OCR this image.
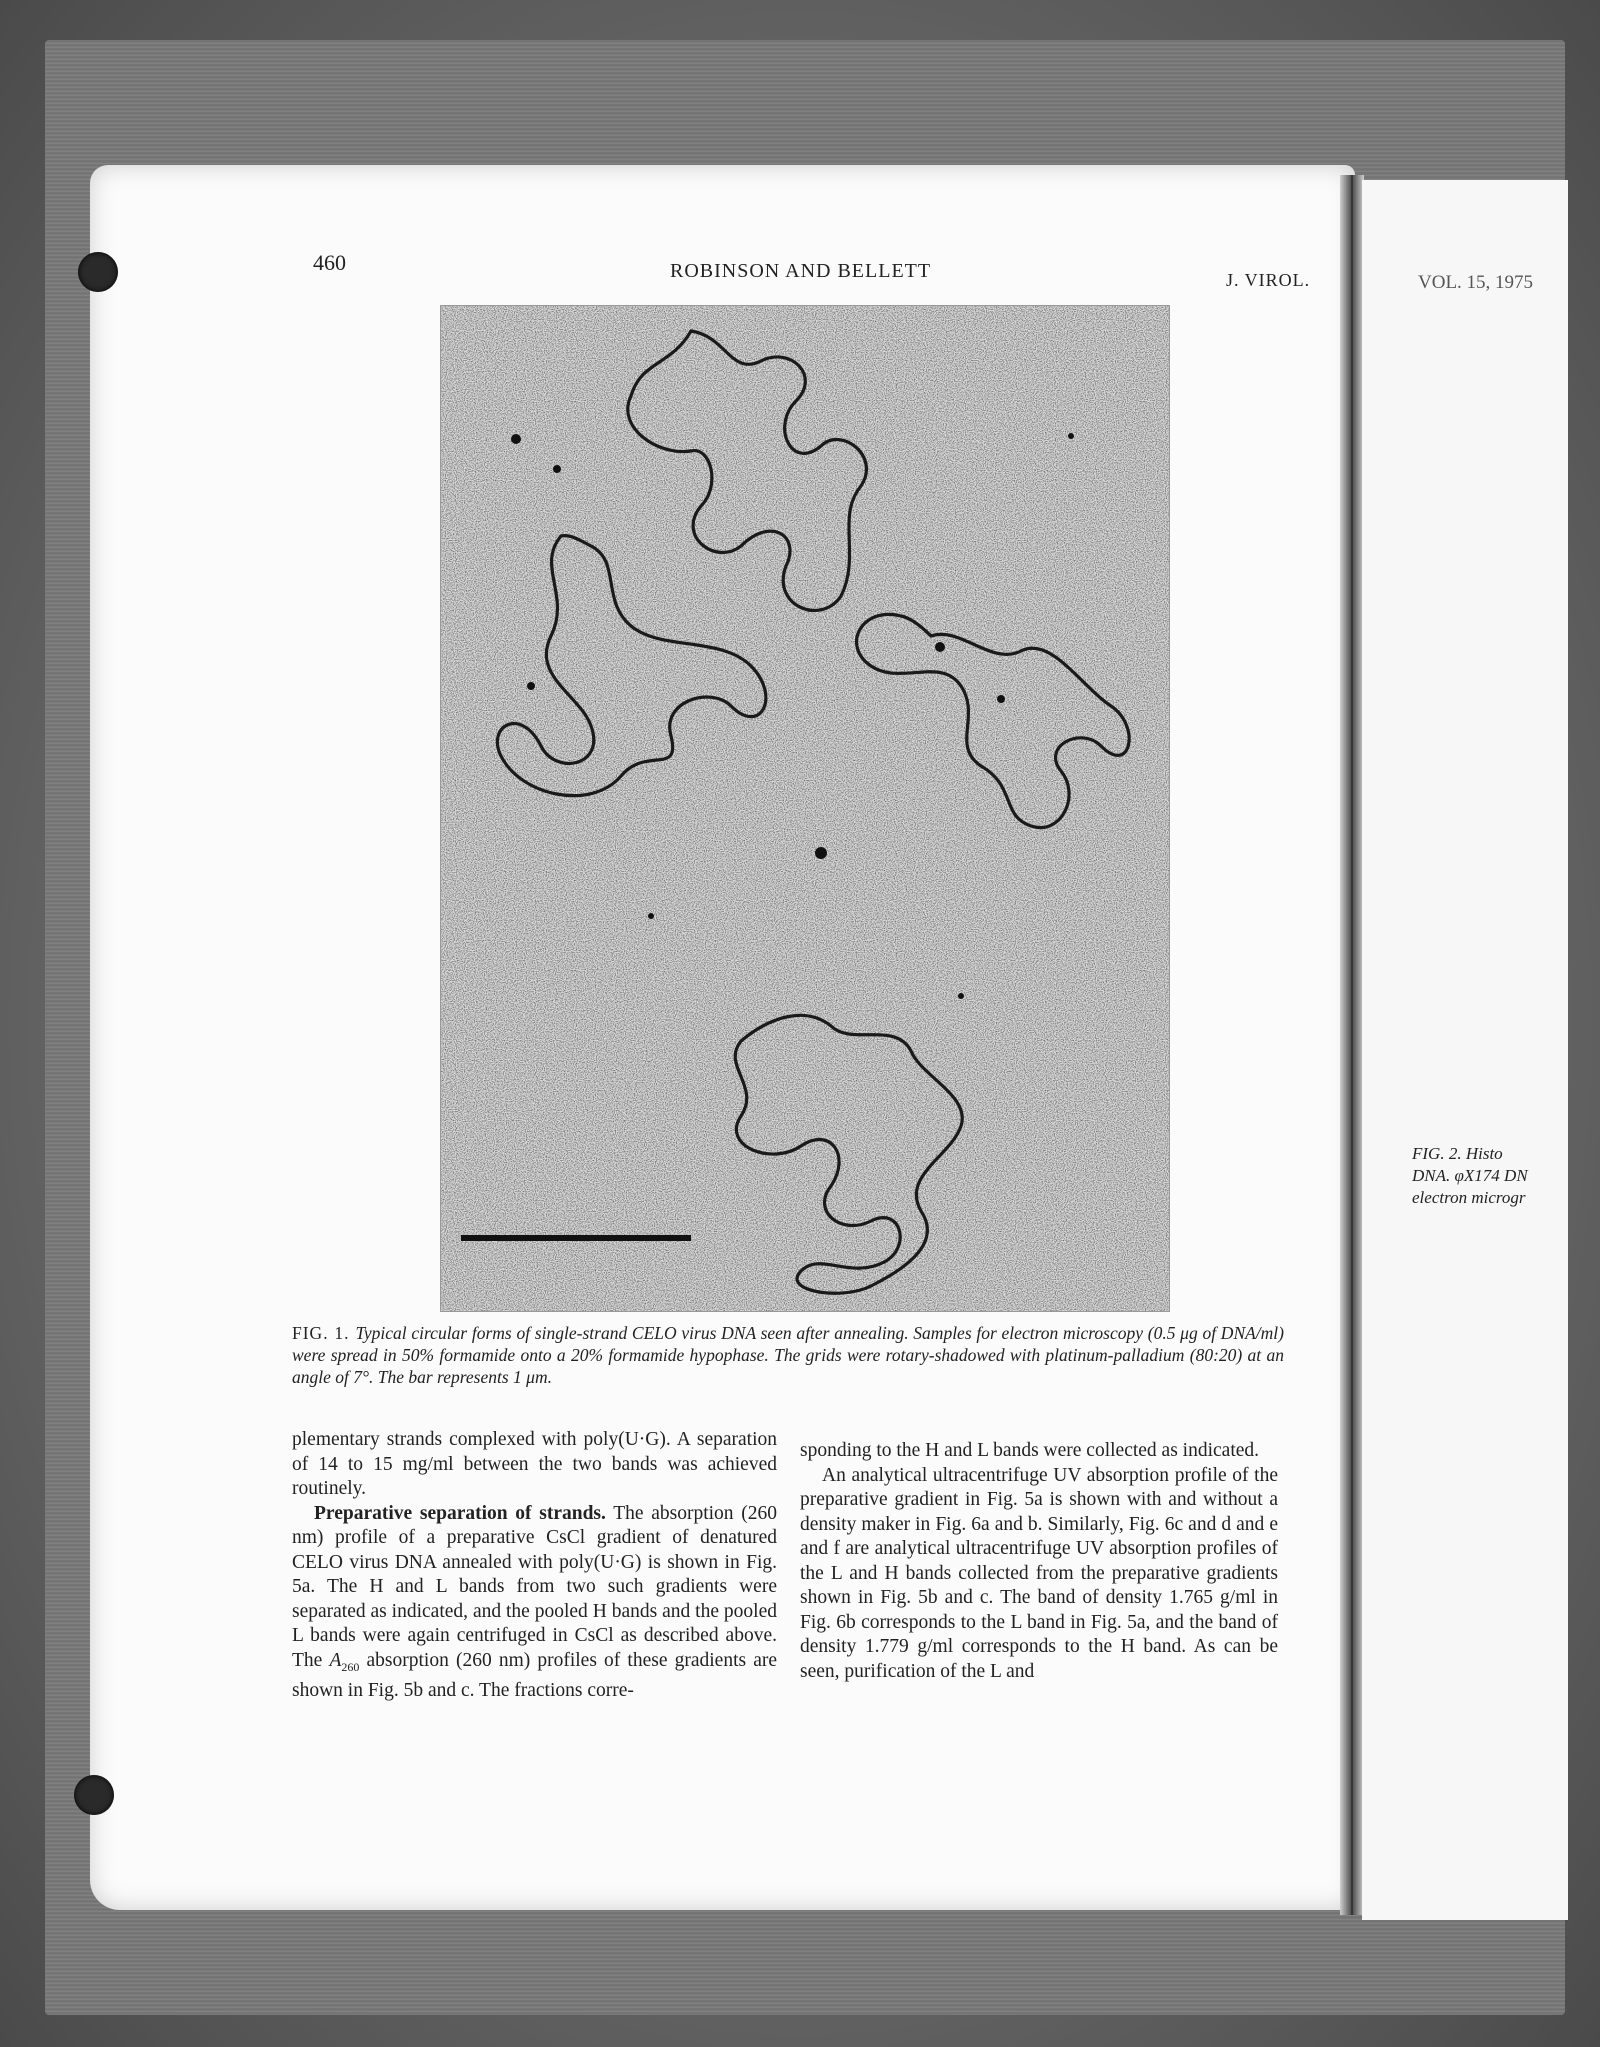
460	ROBINSON AND BELLETT	J. VIROL.	VOL. 15, 1975
FIG. 1. Typical circular forms of single-strand CELO virus DNA seen after annealing. Samples for electron microscopy (0.5 μg of DNA/ml) were spread in 50% formamide onto a 20% formamide hypophase. The grids were rotary-shadowed with platinum-palladium (80:20) at an angle of 7°. The bar represents 1 μm.

plementary strands complexed with poly(U·G). A separation of 14 to 15 mg/ml between the two bands was achieved routinely.

Preparative separation of strands. The absorption (260 nm) profile of a preparative CsCl gradient of denatured CELO virus DNA annealed with poly(U·G) is shown in Fig. 5a. The H and L bands from two such gradients were separated as indicated, and the pooled H bands and the pooled L bands were again centrifuged in CsCl as described above. The $A_{260}$ absorption (260 nm) profiles of these gradients are shown in Fig. 5b and c. The fractions corre-

sponding to the H and L bands were collected as indicated.

An analytical ultracentrifuge UV absorption profile of the preparative gradient in Fig. 5a is shown with and without a density maker in Fig. 6a and b. Similarly, Fig. 6c and d and e and f are analytical ultracentrifuge UV absorption profiles of the L and H bands collected from the preparative gradients shown in Fig. 5b and c. The band of density 1.765 g/ml in Fig. 6b corresponds to the L band in Fig. 5a, and the band of density 1.779 g/ml corresponds to the H band. As can be seen, purification of the L and

FIG. 2. Histo
DNA. φX174 DN
electron microgr
